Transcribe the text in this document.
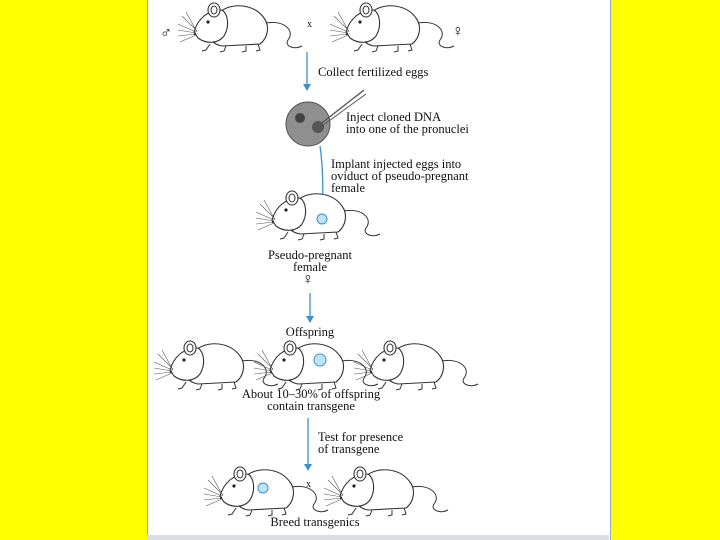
♂	♀
x
♀
x
Collect fertilized eggs
Inject cloned DNA
into one of the pronuclei
Implant injected eggs into
oviduct of pseudo-pregnant
female
Pseudo-pregnant
female
Offspring
About 10–30% of offspring
contain transgene
Test for presence
of transgene
Breed transgenics
